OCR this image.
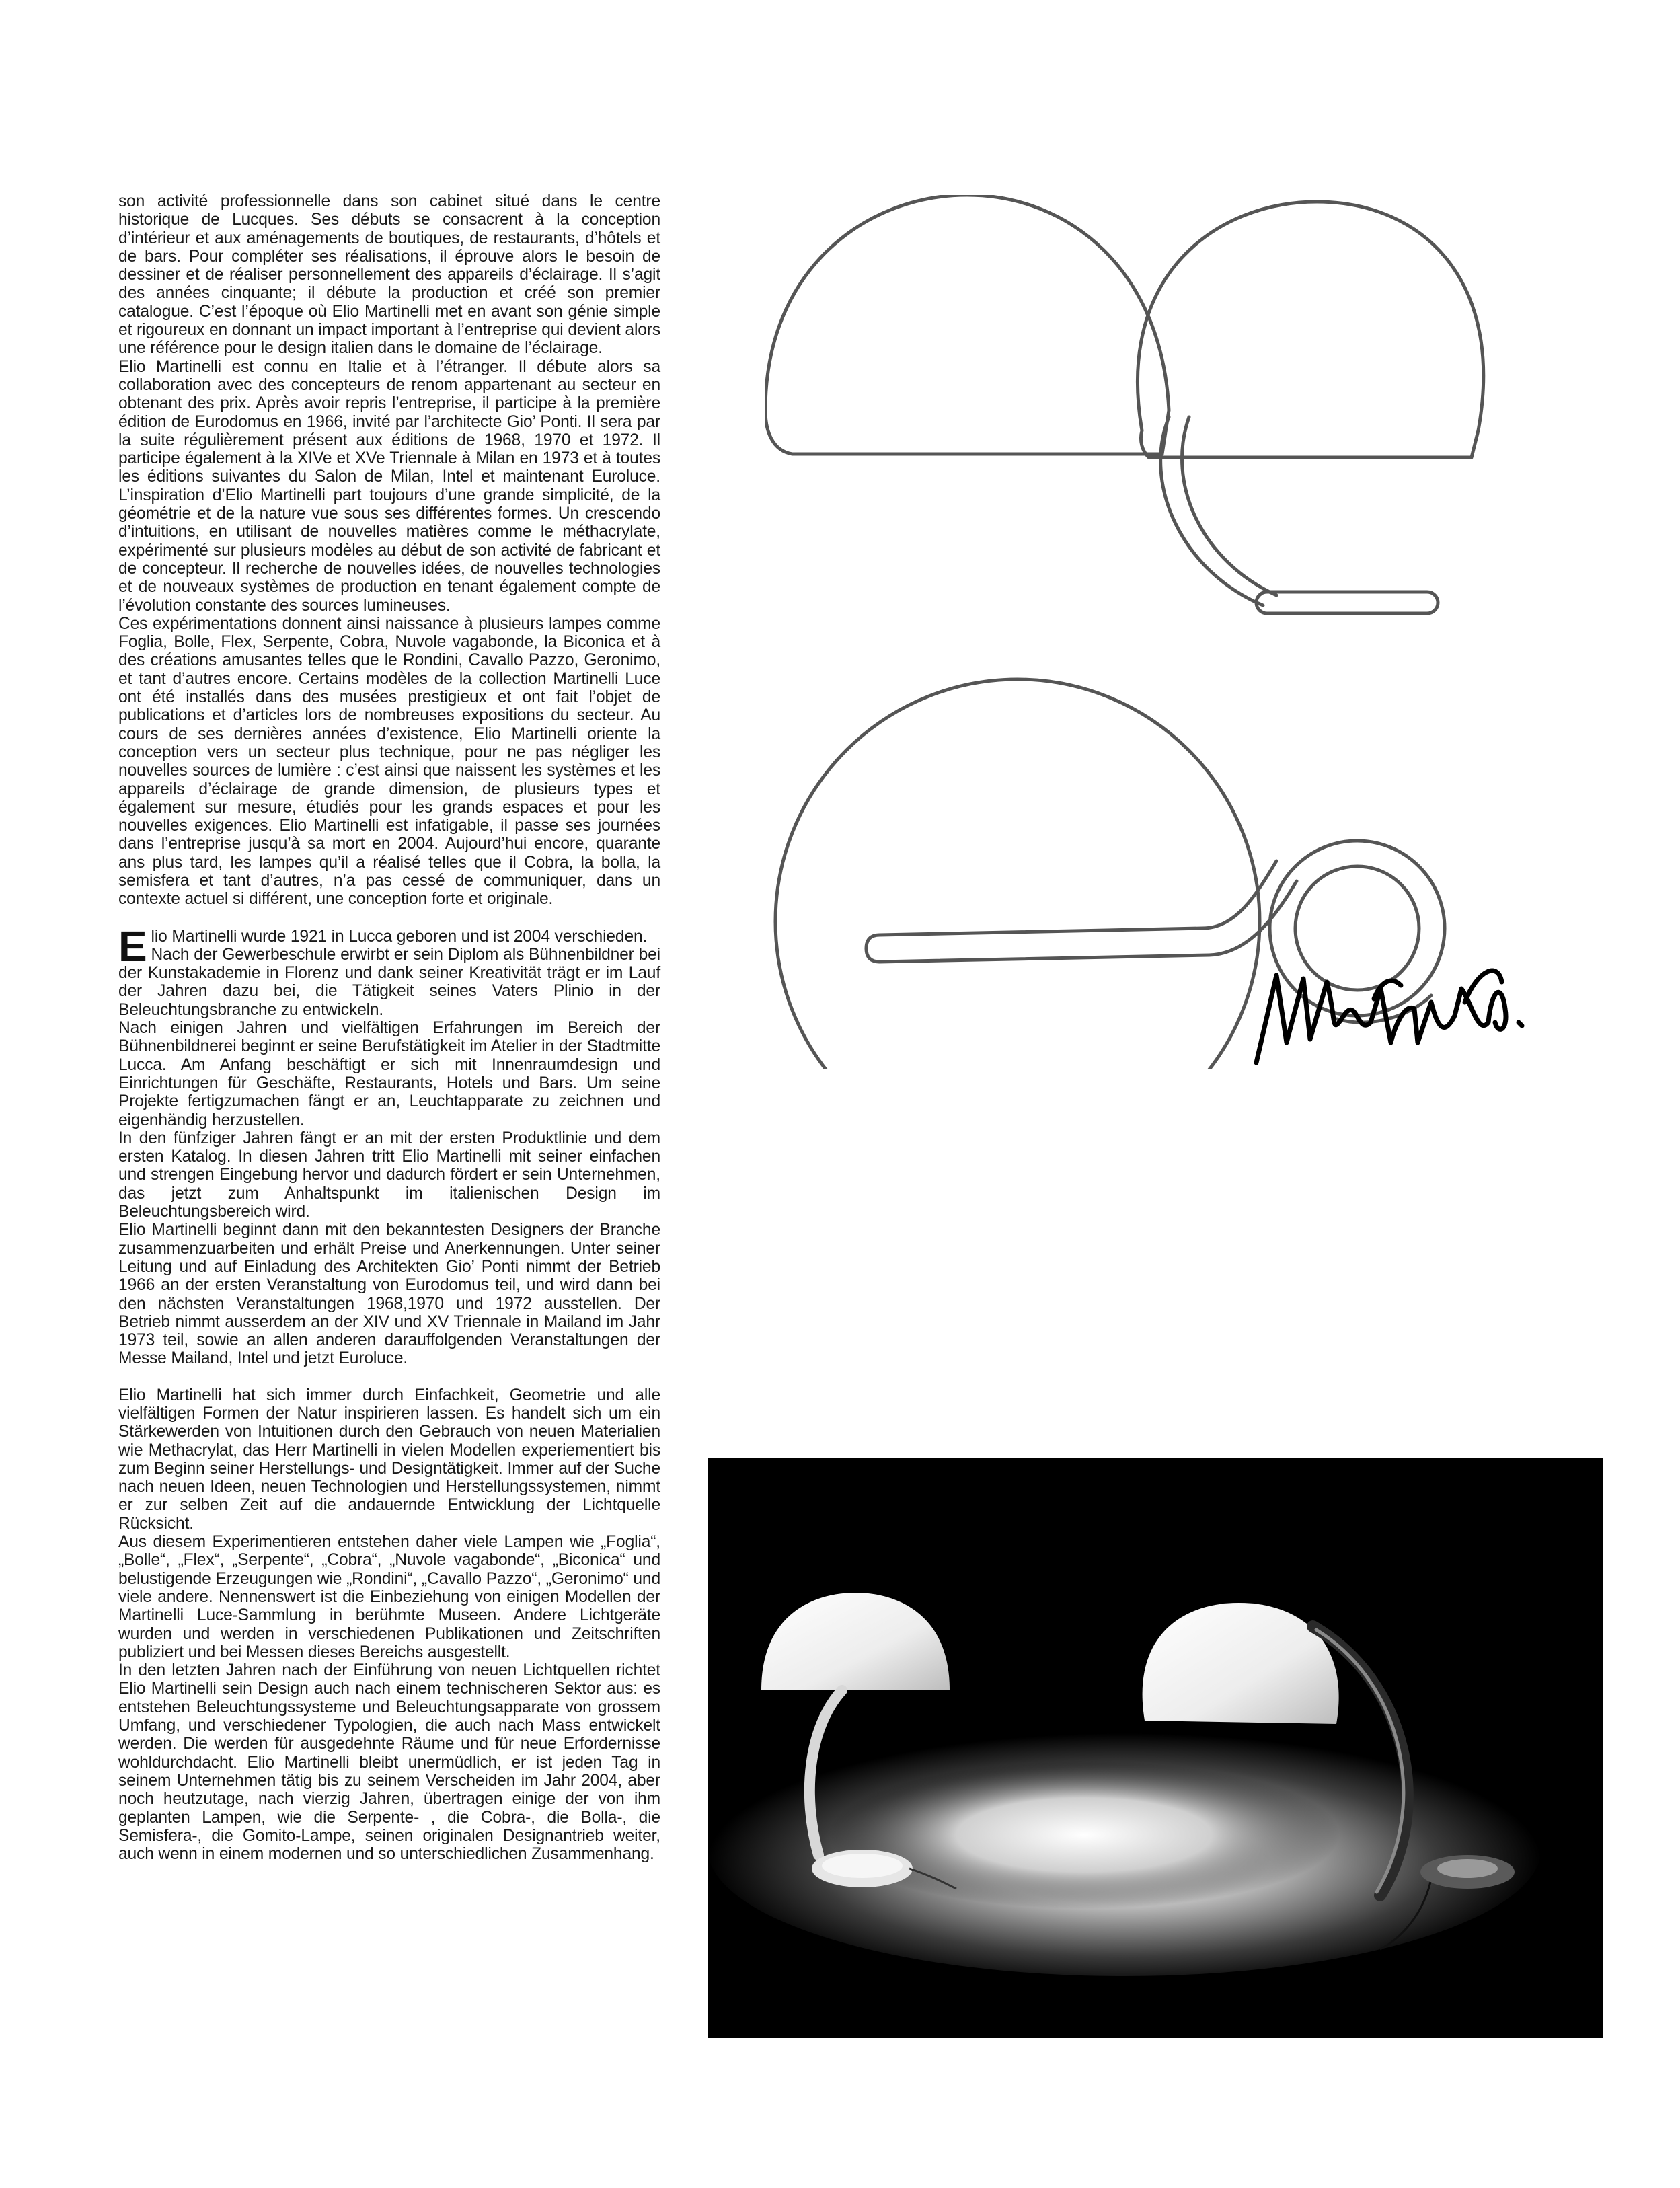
son activité professionnelle dans son cabinet situé dans le centre historique de Lucques. Ses débuts se consacrent à la conception d’intérieur et aux aménagements de boutiques, de restaurants, d’hôtels et de bars. Pour compléter ses réalisations, il éprouve alors le besoin de dessiner et de réaliser personnellement des appareils d’éclairage. Il s’agit des années cinquante; il débute la production et créé son premier catalogue. C’est l’époque où Elio Martinelli met en avant son génie simple et rigoureux en donnant un impact important à l’entreprise qui devient alors une référence pour le design italien dans le domaine de l’éclairage.

Elio Martinelli est connu en Italie et à l’étranger. Il débute alors sa collaboration avec des concepteurs de renom appartenant au secteur en obtenant des prix. Après avoir repris l’entreprise, il participe à la première édition de Eurodomus en 1966, invité par l’architecte Gio’ Ponti. Il sera par la suite régulièrement présent aux éditions de 1968, 1970 et 1972. Il participe également à la XIVe et XVe Triennale à Milan en 1973 et à toutes les éditions suivantes du Salon de Milan, Intel et maintenant Euroluce. L’inspiration d’Elio Martinelli part toujours d’une grande simplicité, de la géométrie et de la nature vue sous ses différentes formes. Un crescendo d’intuitions, en utilisant de nouvelles matières comme le méthacrylate, expérimenté sur plusieurs modèles au début de son activité de fabricant et de concepteur. Il recherche de nouvelles idées, de nouvelles technologies et de nouveaux systèmes de production en tenant également compte de l’évolution constante des sources lumineuses.

Ces expérimentations donnent ainsi naissance à plusieurs lampes comme Foglia, Bolle, Flex, Serpente, Cobra, Nuvole vagabonde, la Biconica et à des créations amusantes telles que le Rondini, Cavallo Pazzo, Geronimo, et tant d’autres encore. Certains modèles de la collection Martinelli Luce ont été installés dans des musées prestigieux et ont fait l’objet de publications et d’articles lors de nombreuses expositions du secteur. Au cours de ses dernières années d’existence, Elio Martinelli oriente la conception vers un secteur plus technique, pour ne pas négliger les nouvelles sources de lumière : c’est ainsi que naissent les systèmes et les appareils d’éclairage de grande dimension, de plusieurs types et également sur mesure, étudiés pour les grands espaces et pour les nouvelles exigences. Elio Martinelli est infatigable, il passe ses journées dans l’entreprise jusqu’à sa mort en 2004. Aujourd’hui encore, quarante ans plus tard, les lampes qu’il a réalisé telles que il Cobra, la bolla, la semisfera et tant d’autres, n’a pas cessé de communiquer, dans un contexte actuel si différent, une conception forte et originale.

Elio Martinelli wurde 1921 in Lucca geboren und ist 2004 verschieden.

Nach der Gewerbeschule erwirbt er sein Diplom als Bühnenbildner bei der Kunstakademie in Florenz und dank seiner Kreativität trägt er im Lauf der Jahren dazu bei, die Tätigkeit seines Vaters Plinio in der Beleuchtungsbranche zu entwickeln.

Nach einigen Jahren und vielfältigen Erfahrungen im Bereich der Bühnenbildnerei beginnt er seine Berufstätigkeit im Atelier in der Stadtmitte Lucca. Am Anfang beschäftigt er sich mit Innenraumdesign und Einrichtungen für Geschäfte, Restaurants, Hotels und Bars. Um seine Projekte fertigzumachen fängt er an, Leuchtapparate zu zeichnen und eigenhändig herzustellen.

In den fünfziger Jahren fängt er an mit der ersten Produktlinie und dem ersten Katalog. In diesen Jahren tritt Elio Martinelli mit seiner einfachen und strengen Eingebung hervor und dadurch fördert er sein Unternehmen, das jetzt zum Anhaltspunkt im italienischen Design im Beleuchtungsbereich wird.

Elio Martinelli beginnt dann mit den bekanntesten Designers der Branche zusammenzuarbeiten und erhält Preise und Anerkennungen. Unter seiner Leitung und auf Einladung des Architekten Gio’ Ponti nimmt der Betrieb 1966 an der ersten Veranstaltung von Eurodomus teil, und wird dann bei den nächsten Veranstaltungen 1968,1970 und 1972 ausstellen. Der Betrieb nimmt ausserdem an der XIV und XV Triennale in Mailand im Jahr 1973 teil, sowie an allen anderen darauffolgenden Veranstaltungen der Messe Mailand, Intel und jetzt Euroluce.

Elio Martinelli hat sich immer durch Einfachkeit, Geometrie und alle vielfältigen Formen der Natur inspirieren lassen. Es handelt sich um ein Stärkewerden von Intuitionen durch den Gebrauch von neuen Materialien wie Methacrylat, das Herr Martinelli in vielen Modellen experiementiert bis zum Beginn seiner Herstellungs- und Designtätigkeit. Immer auf der Suche nach neuen Ideen, neuen Technologien und Herstellungssystemen, nimmt er zur selben Zeit auf die andauernde Entwicklung der Lichtquelle Rücksicht.

Aus diesem Experimentieren entstehen daher viele Lampen wie „Foglia“, „Bolle“, „Flex“, „Serpente“, „Cobra“, „Nuvole vagabonde“, „Biconica“ und belustigende Erzeugungen wie „Rondini“, „Cavallo Pazzo“, „Geronimo“ und viele andere. Nennenswert ist die Einbeziehung von einigen Modellen der Martinelli Luce-Sammlung in berühmte Museen. Andere Lichtgeräte wurden und werden in verschiedenen Publikationen und Zeitschriften publiziert und bei Messen dieses Bereichs ausgestellt.

In den letzten Jahren nach der Einführung von neuen Lichtquellen richtet Elio Martinelli sein Design auch nach einem technischeren Sektor aus: es entstehen Beleuchtungssysteme und Beleuchtungsapparate von grossem Umfang, und verschiedener Typologien, die auch nach Mass entwickelt werden. Die werden für ausgedehnte Räume und für neue Erfordernisse wohldurchdacht. Elio Martinelli bleibt unermüdlich, er ist jeden Tag in seinem Unternehmen tätig bis zu seinem Verscheiden im Jahr 2004, aber noch heutzutage, nach vierzig Jahren, übertragen einige der von ihm geplanten Lampen, wie die Serpente- , die Cobra-, die Bolla-, die Semisfera-, die Gomito-Lampe, seinen originalen Designantrieb weiter, auch wenn in einem modernen und so unterschiedlichen Zusammenhang.
